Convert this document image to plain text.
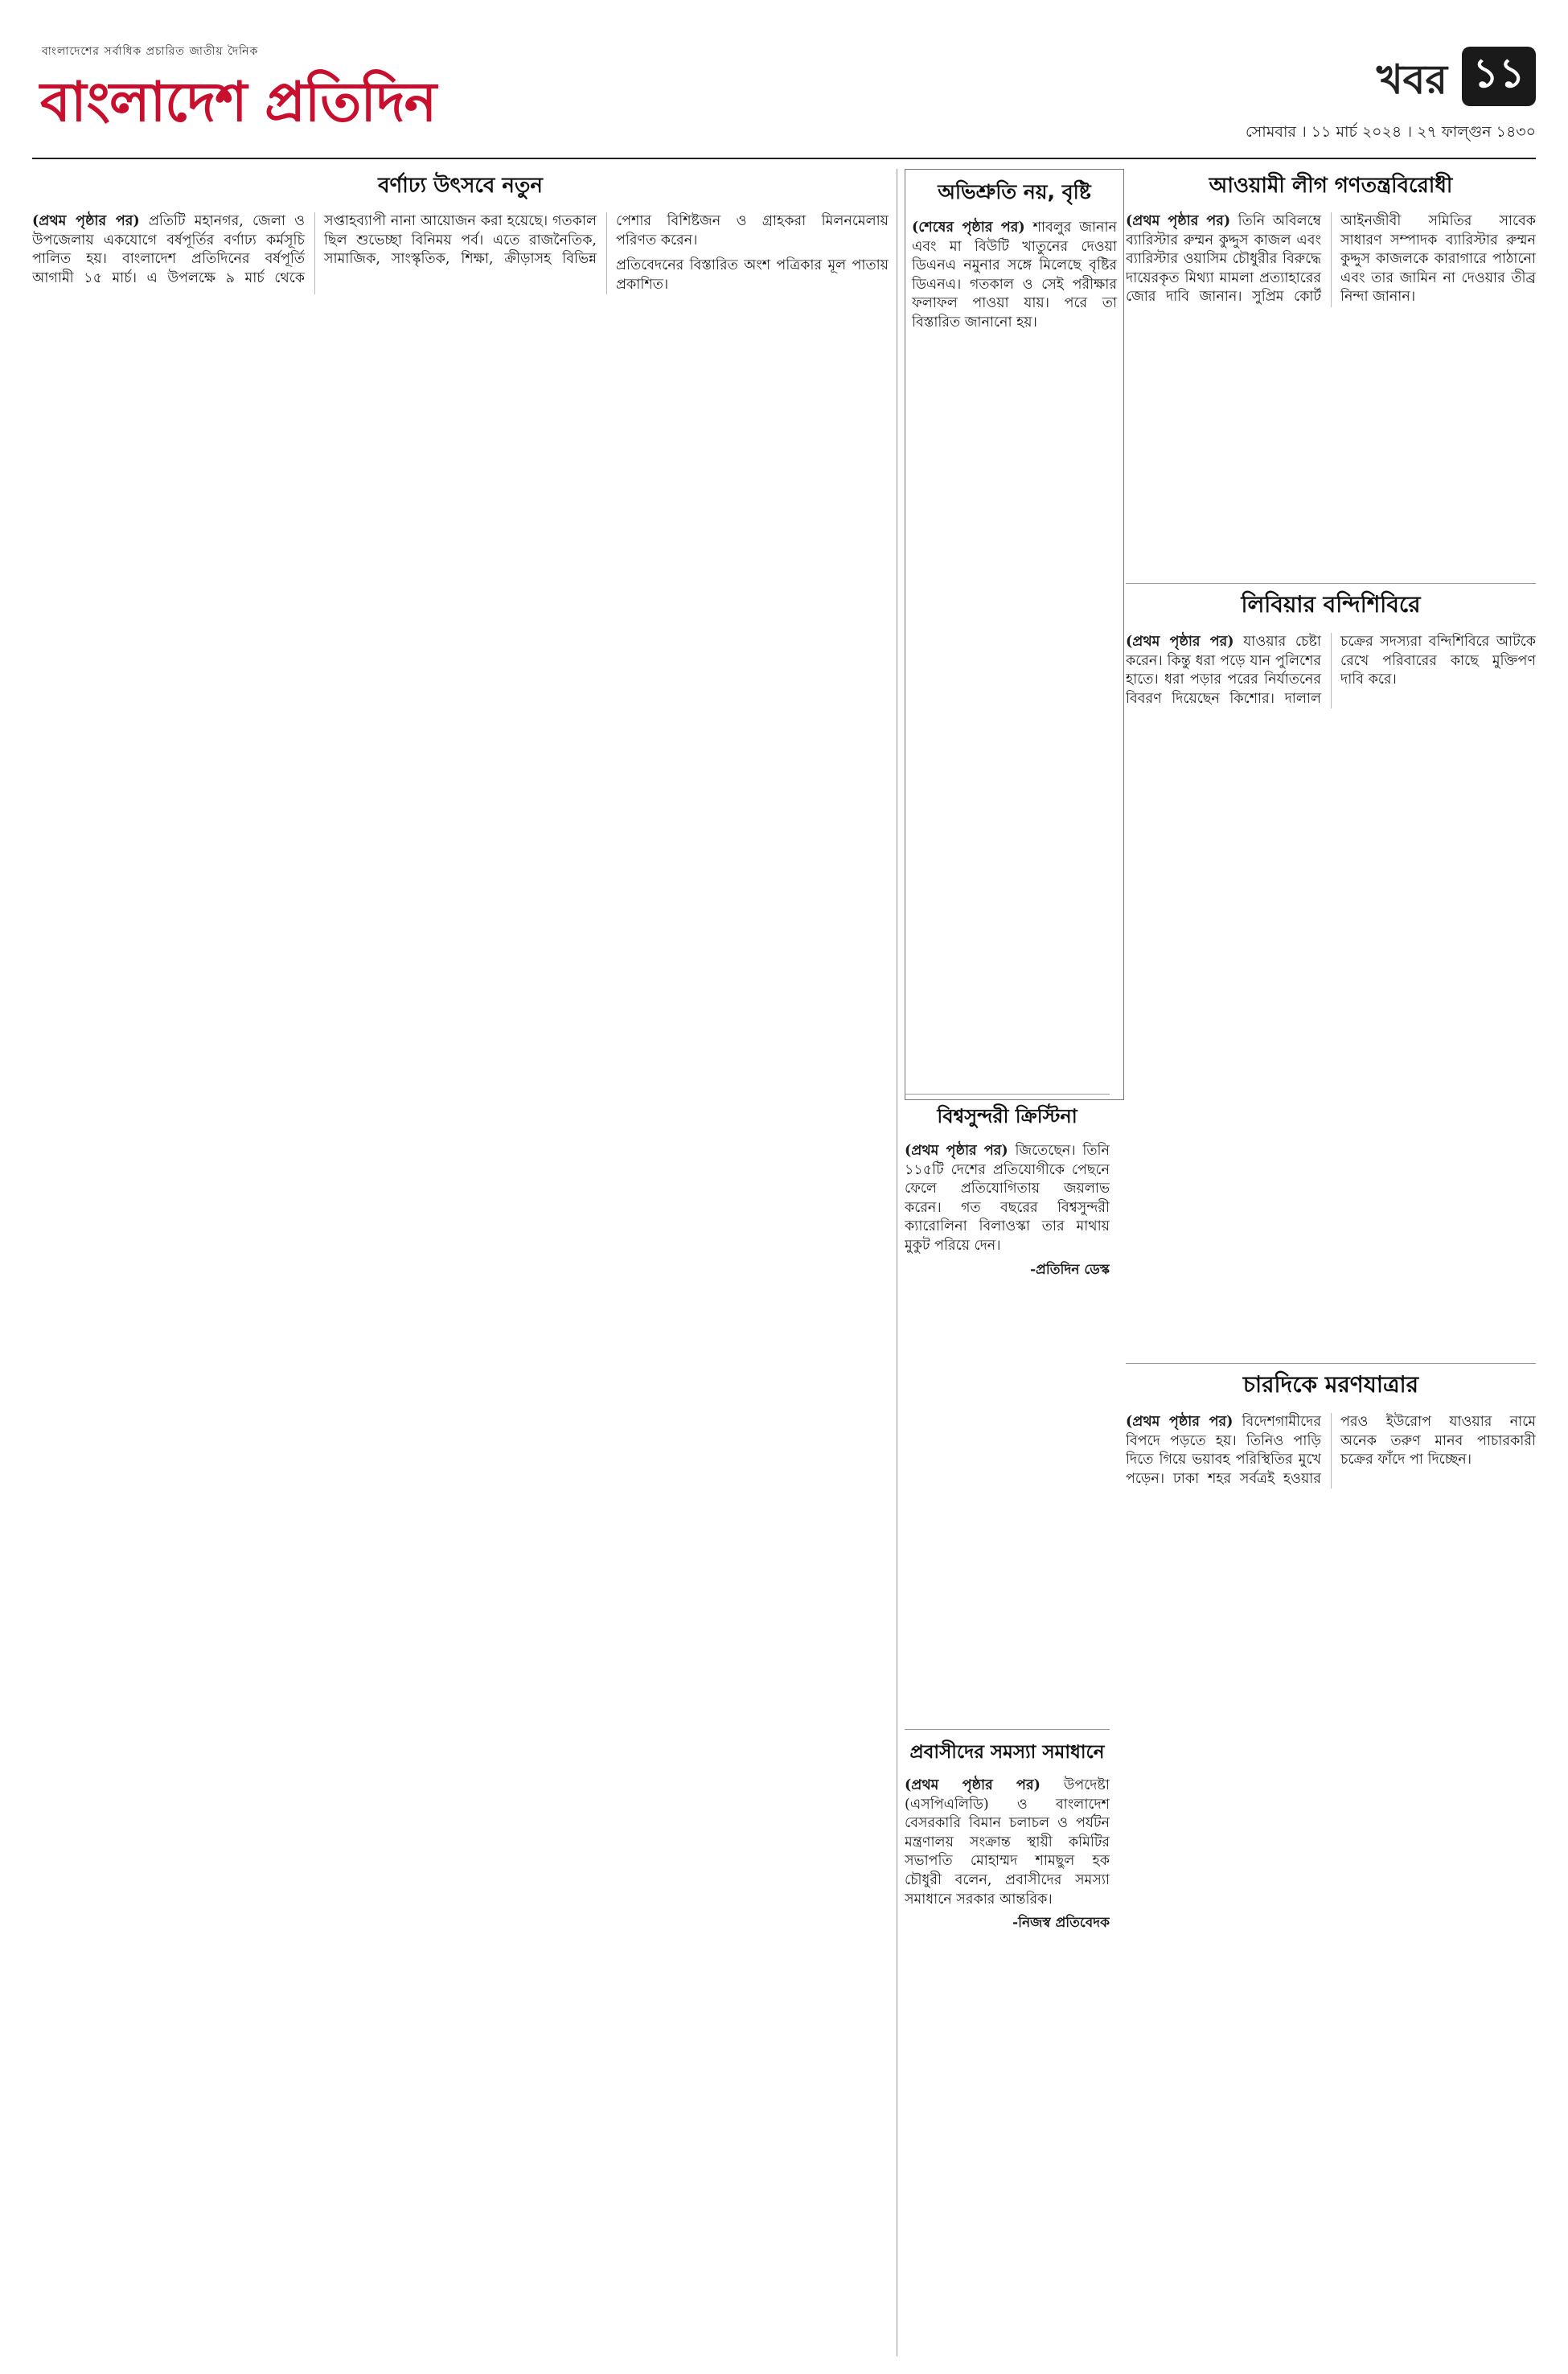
বাংলাদেশের সর্বাধিক প্রচারিত জাতীয় দৈনিক
বাংলাদেশ প্রতিদিন	খবর ১১
সোমবার । ১১ মার্চ ২০২৪ । ২৭ ফাল্গুন ১৪৩০
বর্ণাঢ্য উৎসবে নতুন

(প্রথম পৃষ্ঠার পর) প্রতিটি মহানগর, জেলা ও উপজেলায় একযোগে বর্ষপূর্তির বর্ণাঢ্য কর্মসূচি পালিত হয়। বাংলাদেশ প্রতিদিনের বর্ষপূর্তি আগামী ১৫ মার্চ। এ উপলক্ষে ৯ মার্চ থেকে সপ্তাহব্যাপী নানা আয়োজন করা হয়েছে। গতকাল ছিল শুভেচ্ছা বিনিময় পর্ব। এতে রাজনৈতিক, সামাজিক, সাংস্কৃতিক, শিক্ষা, ক্রীড়াসহ বিভিন্ন পেশার বিশিষ্টজন ও গ্রাহকরা মিলনমেলায় পরিণত করেন।

প্রতিবেদনের বিস্তারিত অংশ পত্রিকার মূল পাতায় প্রকাশিত।

অভিশ্রুতি নয়, বৃষ্টি
(শেষের পৃষ্ঠার পর) শাবলুর জানান এবং মা বিউটি খাতুনের দেওয়া ডিএনএ নমুনার সঙ্গে মিলেছে বৃষ্টির ডিএনএ। গতকাল ও সেই পরীক্ষার ফলাফল পাওয়া যায়। পরে তা বিস্তারিত জানানো হয়।
আওয়ামী লীগ গণতন্ত্রবিরোধী
(প্রথম পৃষ্ঠার পর) তিনি অবিলম্বে ব্যারিস্টার রুম্মন কুদ্দুস কাজল এবং ব্যারিস্টার ওয়াসিম চৌধুরীর বিরুদ্ধে দায়েরকৃত মিথ্যা মামলা প্রত্যাহারের জোর দাবি জানান। সুপ্রিম কোর্ট আইনজীবী সমিতির সাবেক সাধারণ সম্পাদক ব্যারিস্টার রুম্মন কুদ্দুস কাজলকে কারাগারে পাঠানো এবং তার জামিন না দেওয়ার তীব্র নিন্দা জানান।
লিবিয়ার বন্দিশিবিরে
(প্রথম পৃষ্ঠার পর) যাওয়ার চেষ্টা করেন। কিন্তু ধরা পড়ে যান পুলিশের হাতে। ধরা পড়ার পরের নির্যাতনের বিবরণ দিয়েছেন কিশোর। দালাল চক্রের সদস্যরা বন্দিশিবিরে আটকে রেখে পরিবারের কাছে মুক্তিপণ দাবি করে।
বিশ্বসুন্দরী ক্রিস্টিনা
(প্রথম পৃষ্ঠার পর) জিতেছেন। তিনি ১১৫টি দেশের প্রতিযোগীকে পেছনে ফেলে প্রতিযোগিতায় জয়লাভ করেন। গত বছরের বিশ্বসুন্দরী ক্যারোলিনা বিলাওস্কা তার মাথায় মুকুট পরিয়ে দেন।
-প্রতিদিন ডেস্ক
প্রবাসীদের সমস্যা সমাধানে
(প্রথম পৃষ্ঠার পর) উপদেষ্টা (এসপিএলিডি) ও বাংলাদেশ বেসরকারি বিমান চলাচল ও পর্যটন মন্ত্রণালয় সংক্রান্ত স্থায়ী কমিটির সভাপতি মোহাম্মদ শামছুল হক চৌধুরী বলেন, প্রবাসীদের সমস্যা সমাধানে সরকার আন্তরিক।
-নিজস্ব প্রতিবেদক
চারদিকে মরণযাত্রার
(প্রথম পৃষ্ঠার পর) বিদেশগামীদের বিপদে পড়তে হয়। তিনিও পাড়ি দিতে গিয়ে ভয়াবহ পরিস্থিতির মুখে পড়েন। ঢাকা শহর সর্বত্রই হওয়ার পরও ইউরোপ যাওয়ার নামে অনেক তরুণ মানব পাচারকারী চক্রের ফাঁদে পা দিচ্ছেন।
